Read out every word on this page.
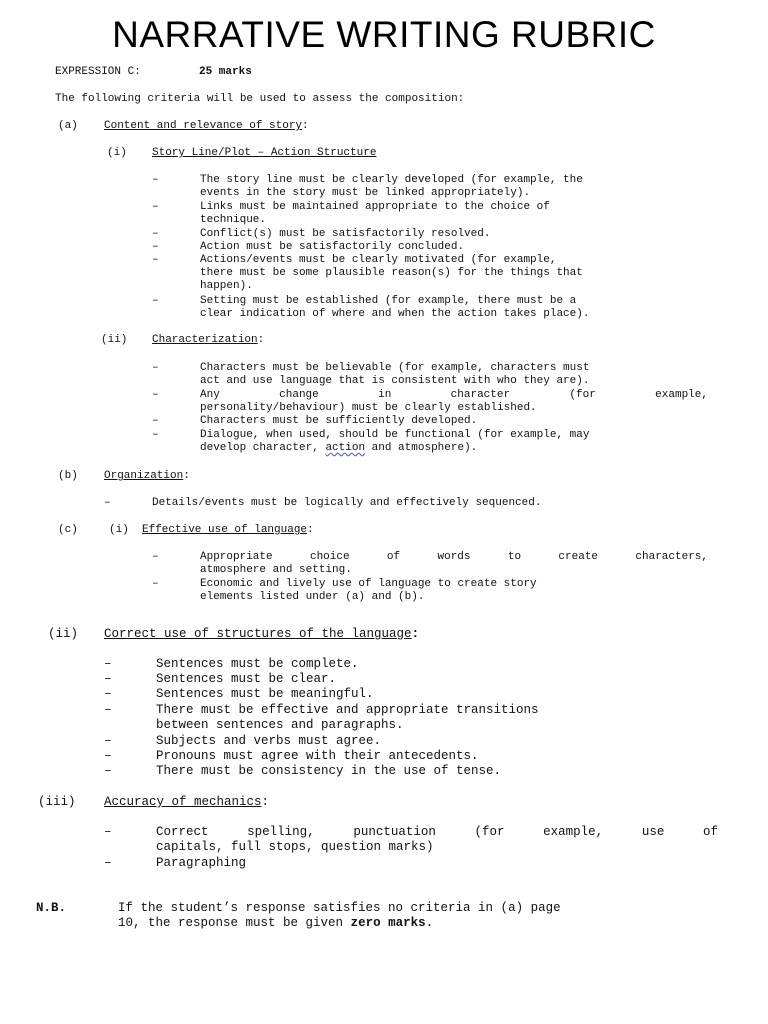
NARRATIVE WRITING RUBRIC
EXPRESSION C:	25 marks
The following criteria will be used to assess the composition:
(a) Content and relevance of story:
(i) Story Line/Plot – Action Structure
–	The story line must be clearly developed (for example, the
events in the story must be linked appropriately).
–	Links must be maintained appropriate to the choice of
technique.
–	Conflict(s) must be satisfactorily resolved.
–	Action must be satisfactorily concluded.
–	Actions/events must be clearly motivated (for example,
there must be some plausible reason(s) for the things that
happen).
–	Setting must be established (for example, there must be a
clear indication of where and when the action takes place).
(ii) Characterization:
–	Characters must be believable (for example, characters must
act and use language that is consistent with who they are).
–	Any change in character (for example,
personality/behaviour) must be clearly established.
–	Characters must be sufficiently developed.
–	Dialogue, when used, should be functional (for example, may
develop character, action and atmosphere).
(b) Organization:
–	Details/events must be logically and effectively sequenced.
(c)	(i) Effective use of language:
–	Appropriate choice of words to create characters,
atmosphere and setting.
–	Economic and lively use of language to create story
elements listed under (a) and (b).
(ii) Correct use of structures of the language:
–	Sentences must be complete.
–	Sentences must be clear.
–	Sentences must be meaningful.
–	There must be effective and appropriate transitions
between sentences and paragraphs.
–	Subjects and verbs must agree.
–	Pronouns must agree with their antecedents.
–	There must be consistency in the use of tense.
(iii) Accuracy of mechanics:
–	Correct spelling, punctuation (for example, use of
capitals, full stops, question marks)
–	Paragraphing
N.B.	If the student’s response satisfies no criteria in (a) page
10, the response must be given zero marks.
